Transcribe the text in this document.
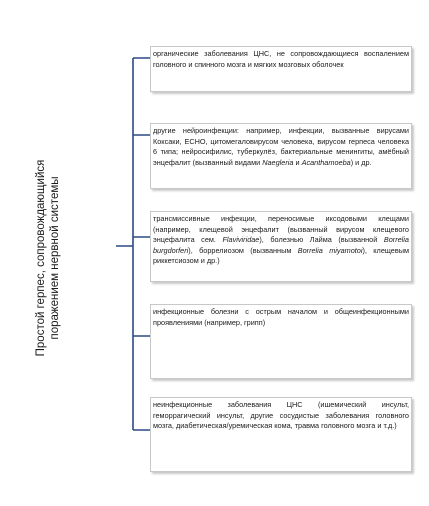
Простой герпес, сопровождающийся поражением нервной системы
органические заболевания ЦНС, не сопровождающиеся воспалением головного и спинного мозга и мягких мозговых оболочек
другие нейроинфекции: например, инфекции, вызванные вирусами Коксаки, ЕСНО, цитомегаловирусом человека, вирусом герпеса человека 6 типа; нейросифилис, туберкулёз, бактериальные менингиты, амёбный энцефалит (вызванный видами Naegleria и Acanthamoeba) и др.
трансмиссивные инфекции, переносимые иксодовыми клещами (например, клещевой энцефалит (вызванный вирусом клещевого энцефалита сем. Flaviviridae), болезнью Лайма (вызванной Borrelia burgdorferi), боррелиозом (вызванным Borrelia miyamotoi), клещевым риккетсиозом и др.)
инфекционные болезни с острым началом и общеинфекционными проявлениями (например, грипп)
неинфекционные заболевания ЦНС (ишемический инсульт, геморрагический инсульт, другие сосудистые заболевания головного мозга, диабетическая/уремическая кома, травма головного мозга и т.д.)
